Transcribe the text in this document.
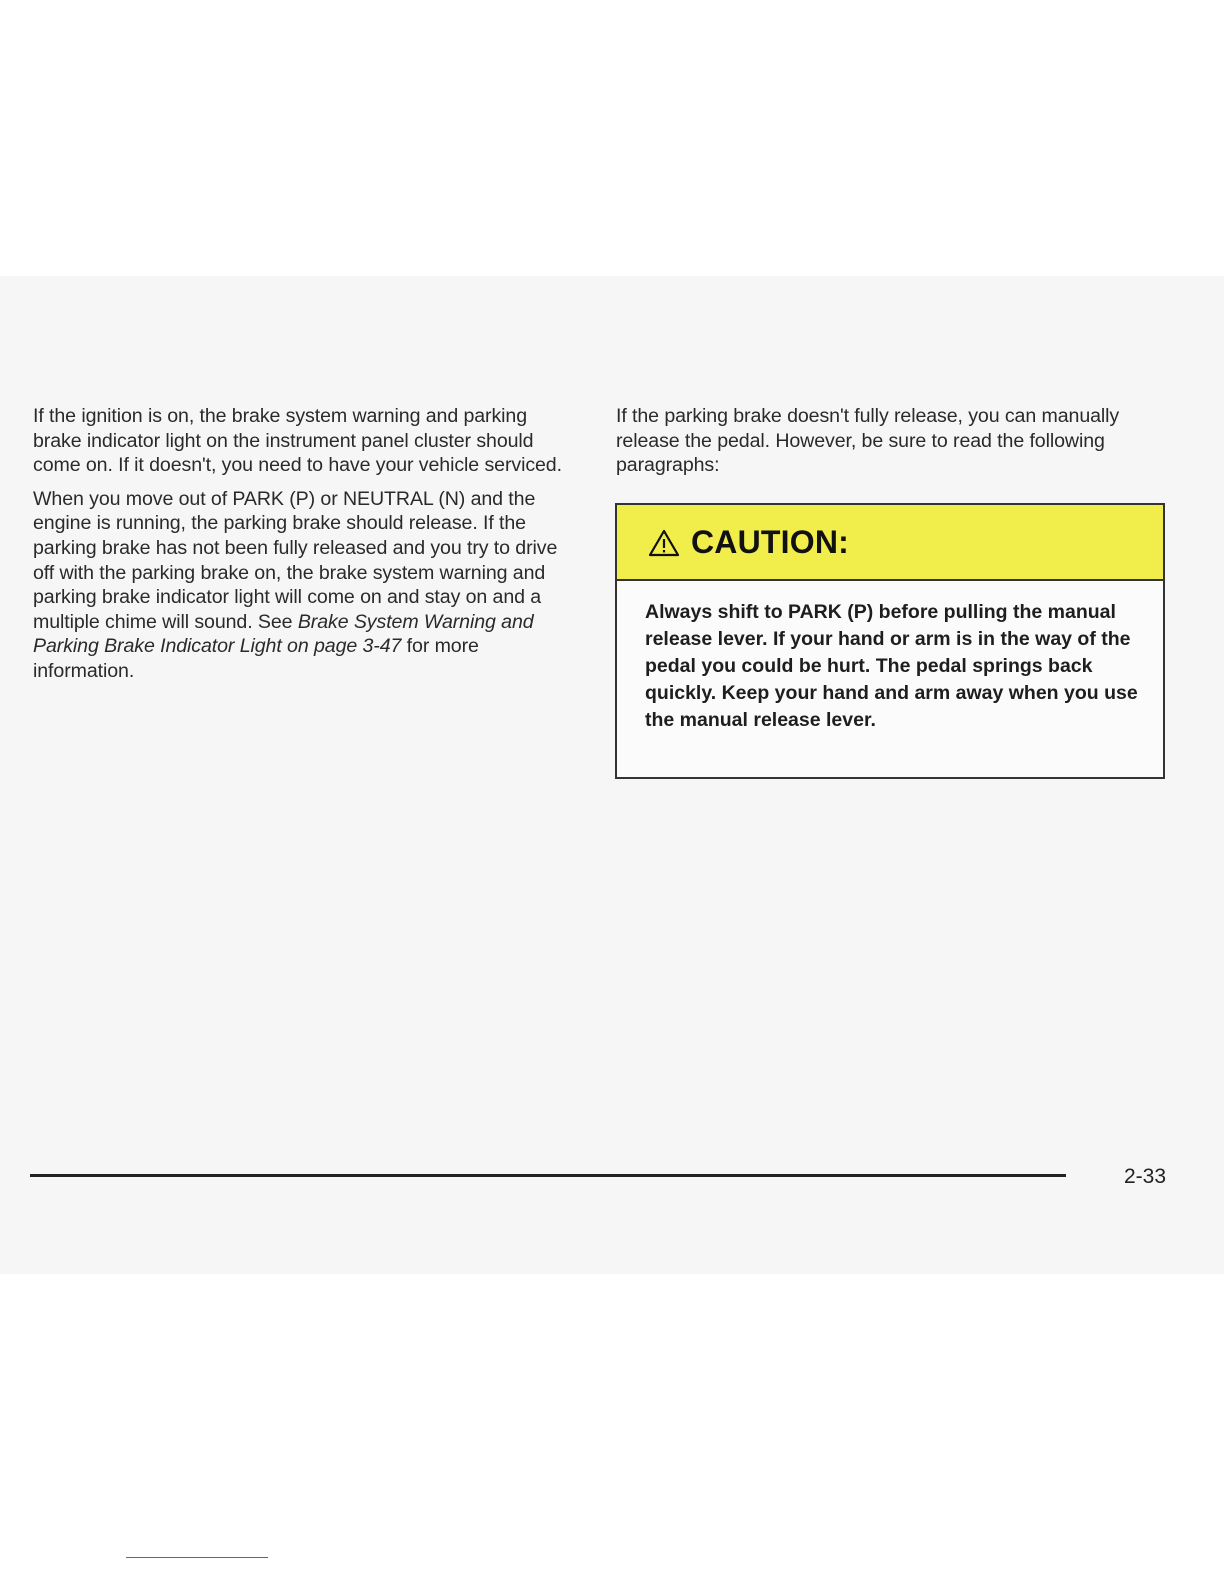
If the ignition is on, the brake system warning and parking brake indicator light on the instrument panel cluster should come on. If it doesn't, you need to have your vehicle serviced.

When you move out of PARK (P) or NEUTRAL (N) and the engine is running, the parking brake should release. If the parking brake has not been fully released and you try to drive off with the parking brake on, the brake system warning and parking brake indicator light will come on and stay on and a multiple chime will sound. See Brake System Warning and Parking Brake Indicator Light on page 3-47 for more information.

If the parking brake doesn't fully release, you can manually release the pedal. However, be sure to read the following paragraphs:

CAUTION:

Always shift to PARK (P) before pulling the manual release lever. If your hand or arm is in the way of the pedal you could be hurt. The pedal springs back quickly. Keep your hand and arm away when you use the manual release lever.

2-33
